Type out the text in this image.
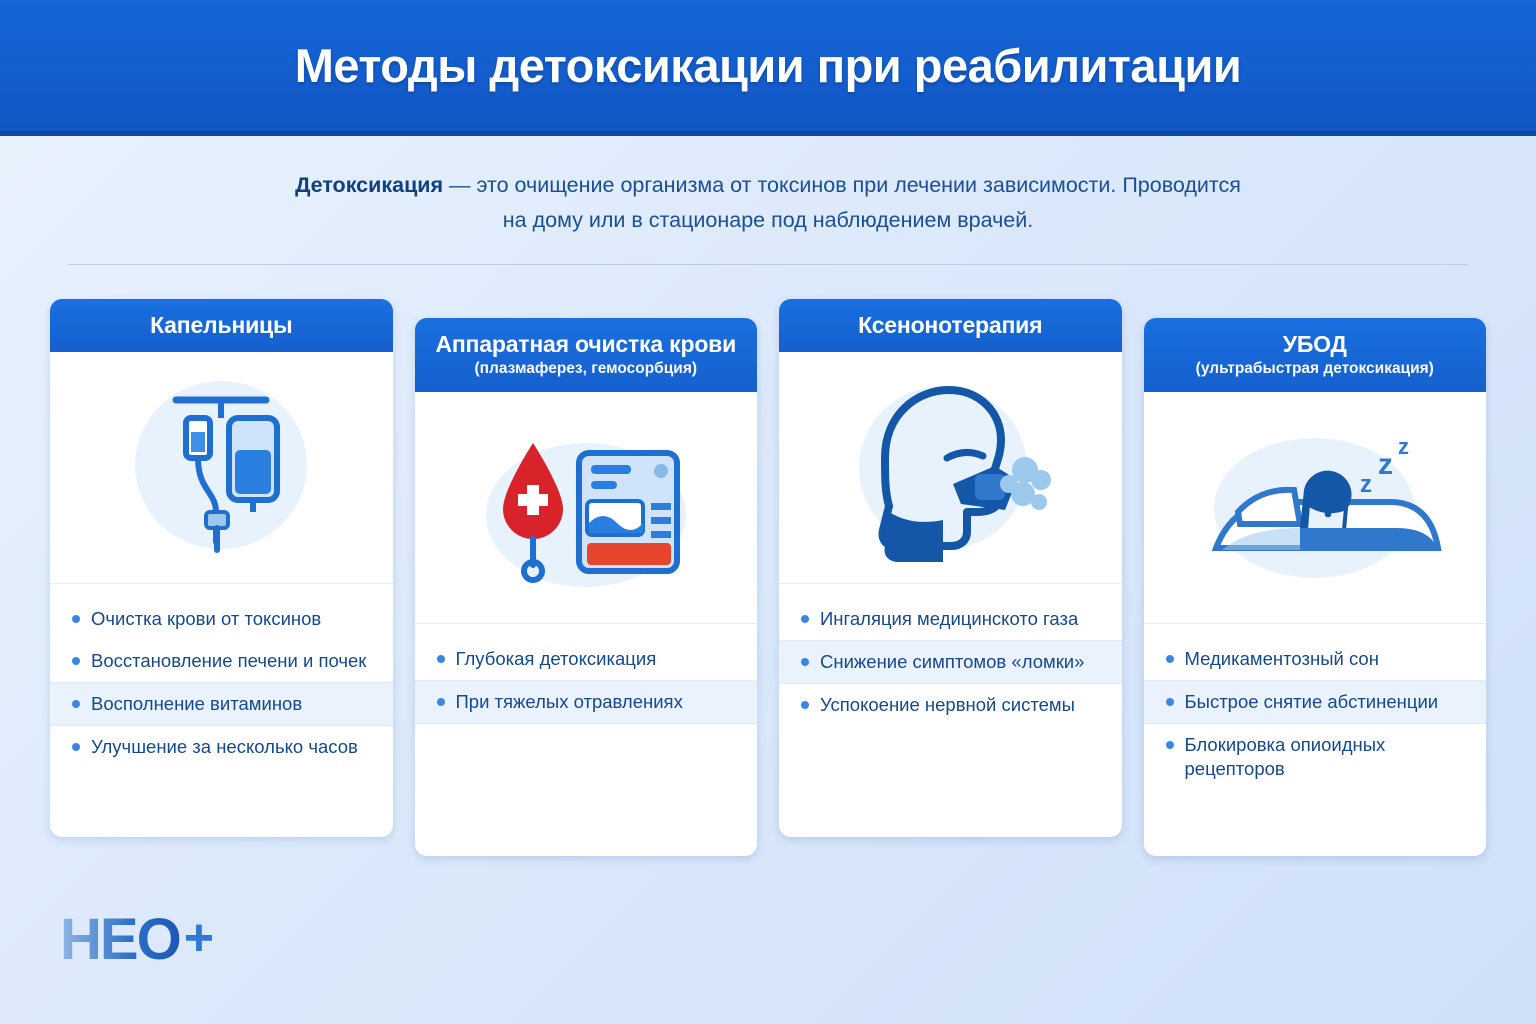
Методы детоксикации при реабилитации

Детоксикация — это очищение организма от токсинов при лечении зависимости. Проводится
на дому или в стационаре под наблюдением врачей.

Капельницы
Очистка крови от токсинов
Восстановление печени и почек
Восполнение витаминов
Улучшение за несколько часов
Аппаратная очистка крови
(плазмаферез, гемосорбция)
Глубокая детоксикация
При тяжелых отравлениях
Ксенонотерапия
Ингаляция медицинското газа
Снижение симптомов «ломки»
Успокоение нервной системы
УБОД
(ультрабыстрая детоксикация)
z
z
z
Медикаментозный сон
Быстрое снятие абстиненции
Блокировка опиоидных рецепторов
HEO +
